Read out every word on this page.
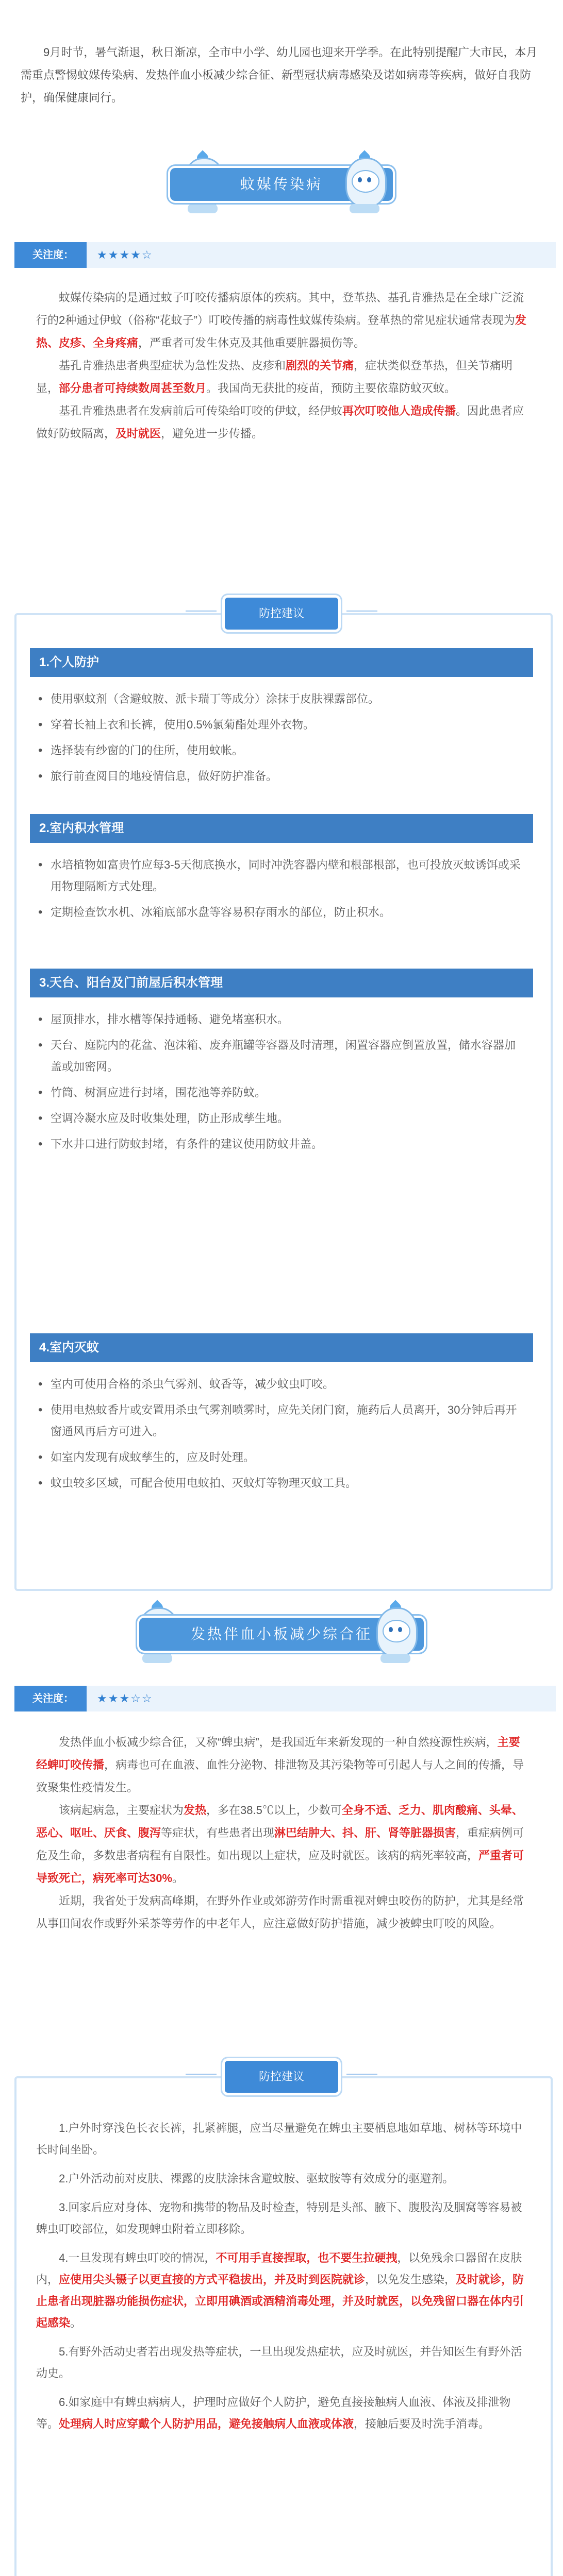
9月时节，暑气渐退，秋日渐凉，全市中小学、幼儿园也迎来开学季。在此特别提醒广大市民，本月需重点警惕蚊媒传染病、发热伴血小板减少综合征、新型冠状病毒感染及诺如病毒等疾病，做好自我防护，确保健康同行。

蚊媒传染病
关注度：	★★★★☆

蚊媒传染病的是通过蚊子叮咬传播病原体的疾病。其中，登革热、基孔肯雅热是在全球广泛流行的2种通过伊蚊（俗称“花蚊子”）叮咬传播的病毒性蚊媒传染病。登革热的常见症状通常表现为发热、皮疹、全身疼痛，严重者可发生休克及其他重要脏器损伤等。

基孔肯雅热患者典型症状为急性发热、皮疹和剧烈的关节痛，症状类似登革热，但关节痛明显，部分患者可持续数周甚至数月。我国尚无获批的疫苗，预防主要依靠防蚊灭蚊。

基孔肯雅热患者在发病前后可传染给叮咬的伊蚊，经伊蚊再次叮咬他人造成传播。因此患者应做好防蚊隔离，及时就医，避免进一步传播。

防控建议
1.个人防护
• 使用驱蚊剂（含避蚊胺、派卡瑞丁等成分）涂抹于皮肤裸露部位。
• 穿着长袖上衣和长裤，使用0.5%氯菊酯处理外衣物。
• 选择装有纱窗的门的住所，使用蚊帐。
• 旅行前查阅目的地疫情信息，做好防护准备。
2.室内积水管理
• 水培植物如富贵竹应每3-5天彻底换水，同时冲洗容器内壁和根部根部，也可投放灭蚊诱饵或采用物理隔断方式处理。
• 定期检查饮水机、冰箱底部水盘等容易积存雨水的部位，防止积水。
3.天台、阳台及门前屋后积水管理
• 屋顶排水，排水槽等保持通畅、避免堵塞积水。
• 天台、庭院内的花盆、泡沫箱、废弃瓶罐等容器及时清理，闲置容器应倒置放置，储水容器加盖或加密网。
• 竹筒、树洞应进行封堵，围花池等养防蚊。
• 空调冷凝水应及时收集处理，防止形成孳生地。
• 下水井口进行防蚊封堵，有条件的建议使用防蚊井盖。
4.室内灭蚊
• 室内可使用合格的杀虫气雾剂、蚊香等，减少蚊虫叮咬。
• 使用电热蚊香片或安置用杀虫气雾剂喷雾时，应先关闭门窗，施药后人员离开，30分钟后再开窗通风再后方可进入。
• 如室内发现有成蚊孳生的，应及时处理。
• 蚊虫较多区域，可配合使用电蚊拍、灭蚊灯等物理灭蚊工具。
发热伴血小板减少综合征
关注度：	★★★☆☆

发热伴血小板减少综合征，又称“蜱虫病”，是我国近年来新发现的一种自然疫源性疾病，主要经蜱叮咬传播，病毒也可在血液、血性分泌物、排泄物及其污染物等可引起人与人之间的传播，导致聚集性疫情发生。

该病起病急，主要症状为发热，多在38.5℃以上，少数可全身不适、乏力、肌肉酸痛、头晕、恶心、呕吐、厌食、腹泻等症状，有些患者出现淋巴结肿大、抖、肝、肾等脏器损害，重症病例可危及生命，多数患者病程有自限性。如出现以上症状，应及时就医。该病的病死率较高，严重者可导致死亡，病死率可达30%。

近期，我省处于发病高峰期，在野外作业或郊游劳作时需重视对蜱虫咬伤的防护，尤其是经常从事田间农作或野外采茶等劳作的中老年人，应注意做好防护措施，减少被蜱虫叮咬的风险。

防控建议

1.户外时穿浅色长衣长裤，扎紧裤腿，应当尽量避免在蜱虫主要栖息地如草地、树林等环境中长时间坐卧。

2.户外活动前对皮肤、裸露的皮肤涂抹含避蚊胺、驱蚊胺等有效成分的驱避剂。

3.回家后应对身体、宠物和携带的物品及时检查，特别是头部、腋下、腹股沟及腘窝等容易被蜱虫叮咬部位，如发现蜱虫附着立即移除。

4.一旦发现有蜱虫叮咬的情况，不可用手直接捏取，也不要生拉硬拽，以免残余口器留在皮肤内，应使用尖头镊子以更直接的方式平稳拔出，并及时到医院就诊，以免发生感染，及时就诊，防止患者出现脏器功能损伤症状，立即用碘酒或酒精消毒处理，并及时就医，以免残留口器在体内引起感染。

5.有野外活动史者若出现发热等症状，一旦出现发热症状，应及时就医，并告知医生有野外活动史。

6.如家庭中有蜱虫病病人，护理时应做好个人防护，避免直接接触病人血液、体液及排泄物等。处理病人时应穿戴个人防护用品，避免接触病人血液或体液，接触后要及时洗手消毒。
